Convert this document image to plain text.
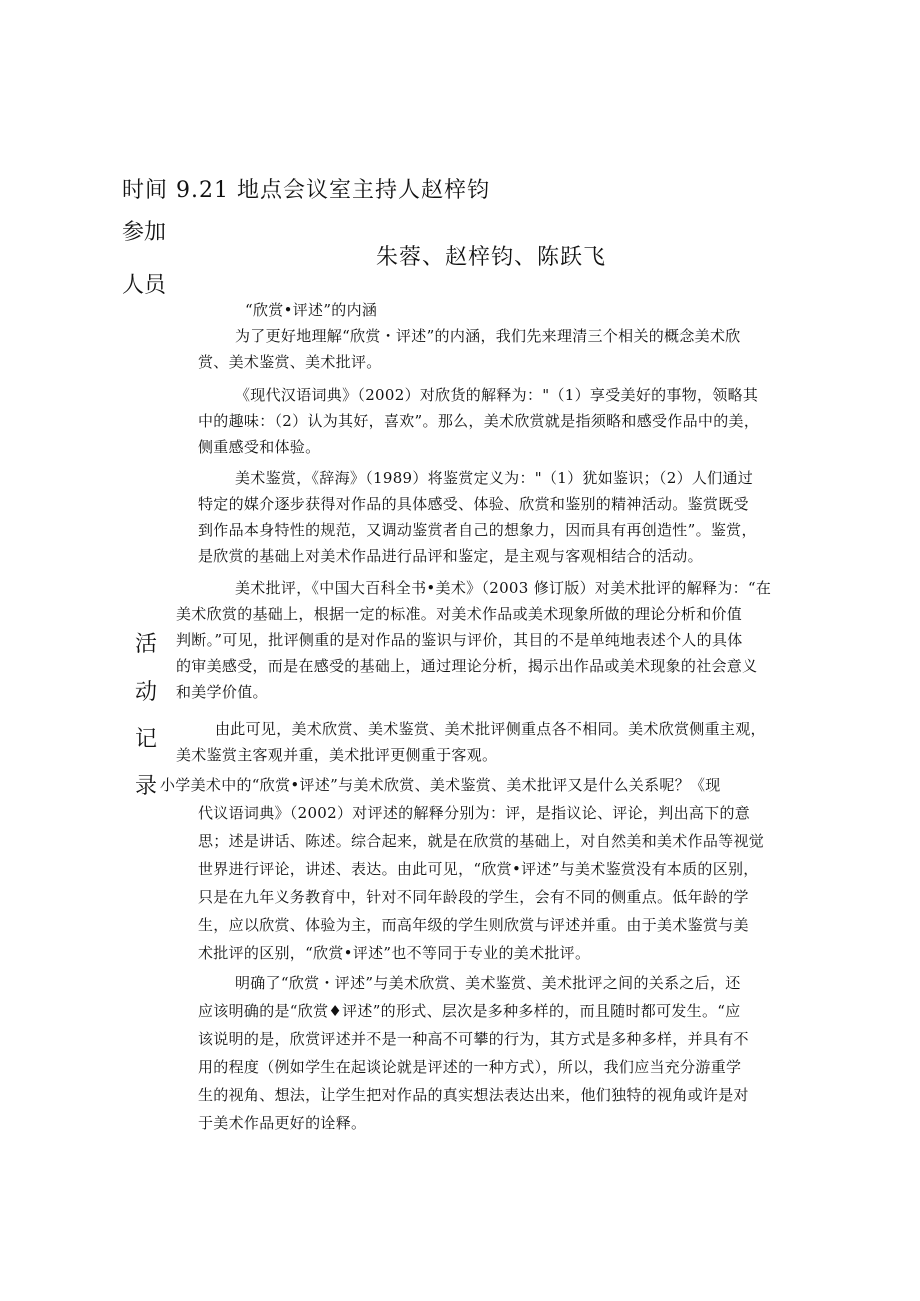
时间 9.21 地点会议室主持人赵梓钧
参加
人员
朱蓉、赵梓钧、陈跃飞
活
动
记
录
“欣赏•评述”的内涵
为了更好地理解“欣赏・评述”的内涵，我们先来理清三个相关的概念美术欣
赏、美术鉴赏、美术批评。
《现代汉语词典》（2002）对欣货的解释为："（1）享受美好的事物，领略其
中的趣味：（2）认为其好，喜欢”。那么，美术欣赏就是指须略和感受作品中的美，
侧重感受和体验。
美术鉴赏，《辞海》（1989）将鉴赏定义为："（1）犹如鉴识；（2）人们通过
特定的媒介逐步获得对作品的具体感受、体验、欣赏和鉴别的精神活动。鉴赏既受
到作品本身特性的规范，又调动鉴赏者自己的想象力，因而具有再创造性”。鉴赏，
是欣赏的基础上对美术作品进行品评和鉴定，是主观与客观相结合的活动。
美术批评，《中国大百科全书•美术》（2003 修订版）对美术批评的解释为：“在
美术欣赏的基础上，根据一定的标准。对美术作品或美术现象所做的理论分析和价值
判断。”可见，批评侧重的是对作品的鉴识与评价，其目的不是单纯地表述个人的具体
的审美感受，而是在感受的基础上，通过理论分析，揭示出作品或美术现象的社会意义
和美学价值。
由此可见，美术欣赏、美术鉴赏、美术批评侧重点各不相同。美术欣赏侧重主观，
美术鉴赏主客观并重，美术批评更侧重于客观。
小学美术中的“欣赏•评述”与美术欣赏、美术鉴赏、美术批评又是什么关系呢？《现
代议语词典》（2002）对评述的解释分别为：评，是指议论、评论，判出高下的意
思；述是讲话、陈述。综合起来，就是在欣赏的基础上，对自然美和美术作品等视觉
世界进行评论，讲述、表达。由此可见，“欣赏•评述”与美术鉴赏没有本质的区别，
只是在九年义务教育中，针对不同年龄段的学生，会有不同的侧重点。低年龄的学
生，应以欣赏、体验为主，而高年级的学生则欣赏与评述并重。由于美术鉴赏与美
术批评的区别，“欣赏•评述”也不等同于专业的美术批评。
明确了“欣赏・评述”与美术欣赏、美术鉴赏、美术批评之间的关系之后，还
应该明确的是“欣赏♦评述”的形式、层次是多种多样的，而且随时都可发生。“应
该说明的是，欣赏评述并不是一种高不可攀的行为，其方式是多种多样，并具有不
用的程度（例如学生在起谈论就是评述的一种方式），所以，我们应当充分游重学
生的视角、想法，让学生把对作品的真实想法表达出来，他们独特的视角或许是对
于美术作品更好的诠释。
